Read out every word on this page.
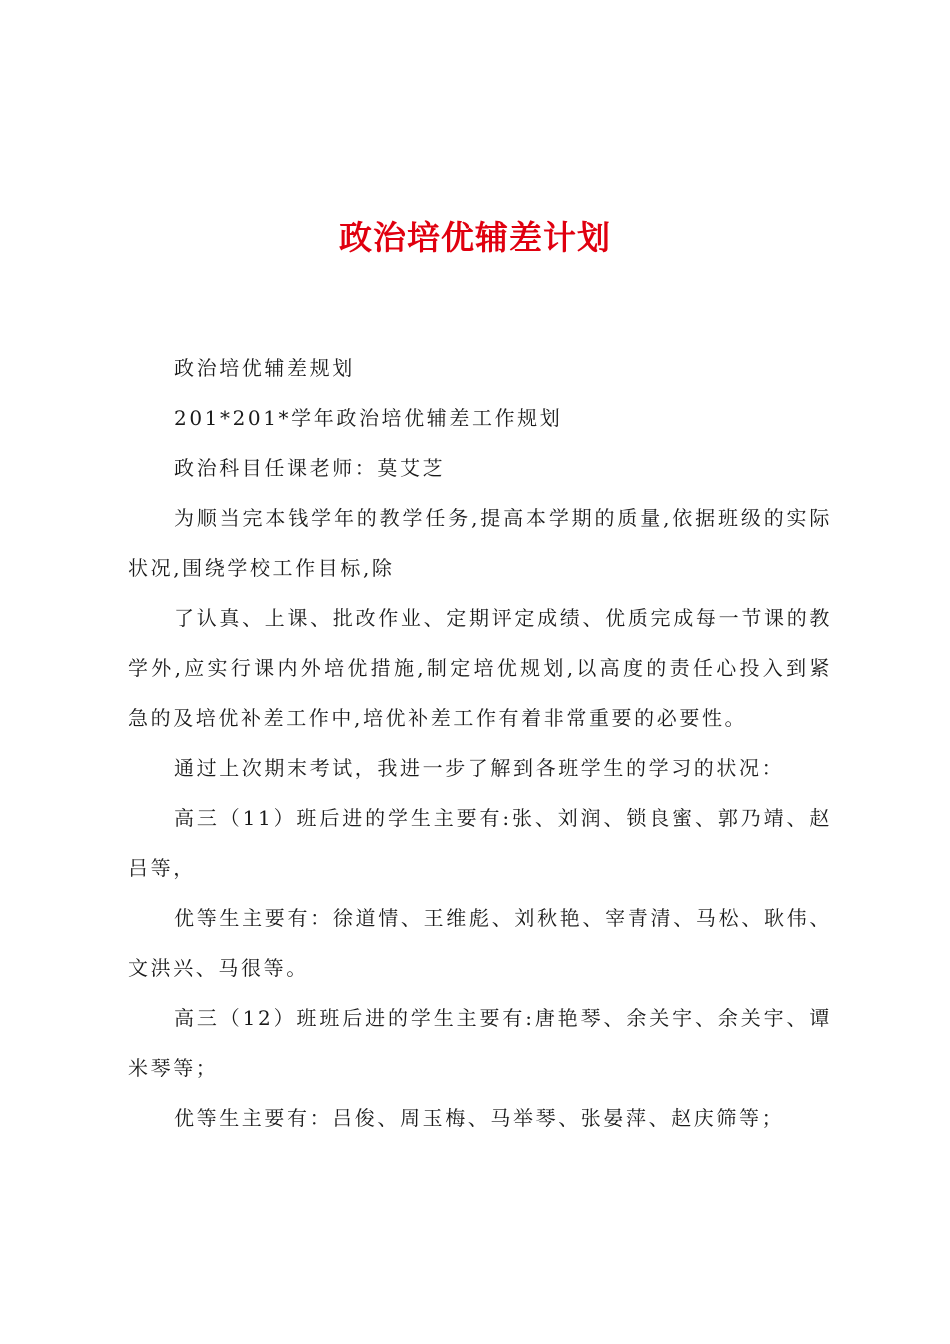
政治培优辅差计划

政治培优辅差规划

201*201*学年政治培优辅差工作规划

政治科目任课老师：莫艾芝

为顺当完本钱学年的教学任务,提高本学期的质量,依据班级的实际状况,围绕学校工作目标,除

了认真、上课、批改作业、定期评定成绩、优质完成每一节课的教学外,应实行课内外培优措施,制定培优规划,以高度的责任心投入到紧急的及培优补差工作中,培优补差工作有着非常重要的必要性。

通过上次期末考试，我进一步了解到各班学生的学习的状况：

高三（11）班后进的学生主要有:张、刘润、锁良蜜、郭乃靖、赵吕等，

优等生主要有：徐道情、王维彪、刘秋艳、宰青清、马松、耿伟、文洪兴、马很等。

高三（12）班班后进的学生主要有:唐艳琴、余关宇、余关宇、谭米琴等；

优等生主要有：吕俊、周玉梅、马举琴、张晏萍、赵庆筛等；
